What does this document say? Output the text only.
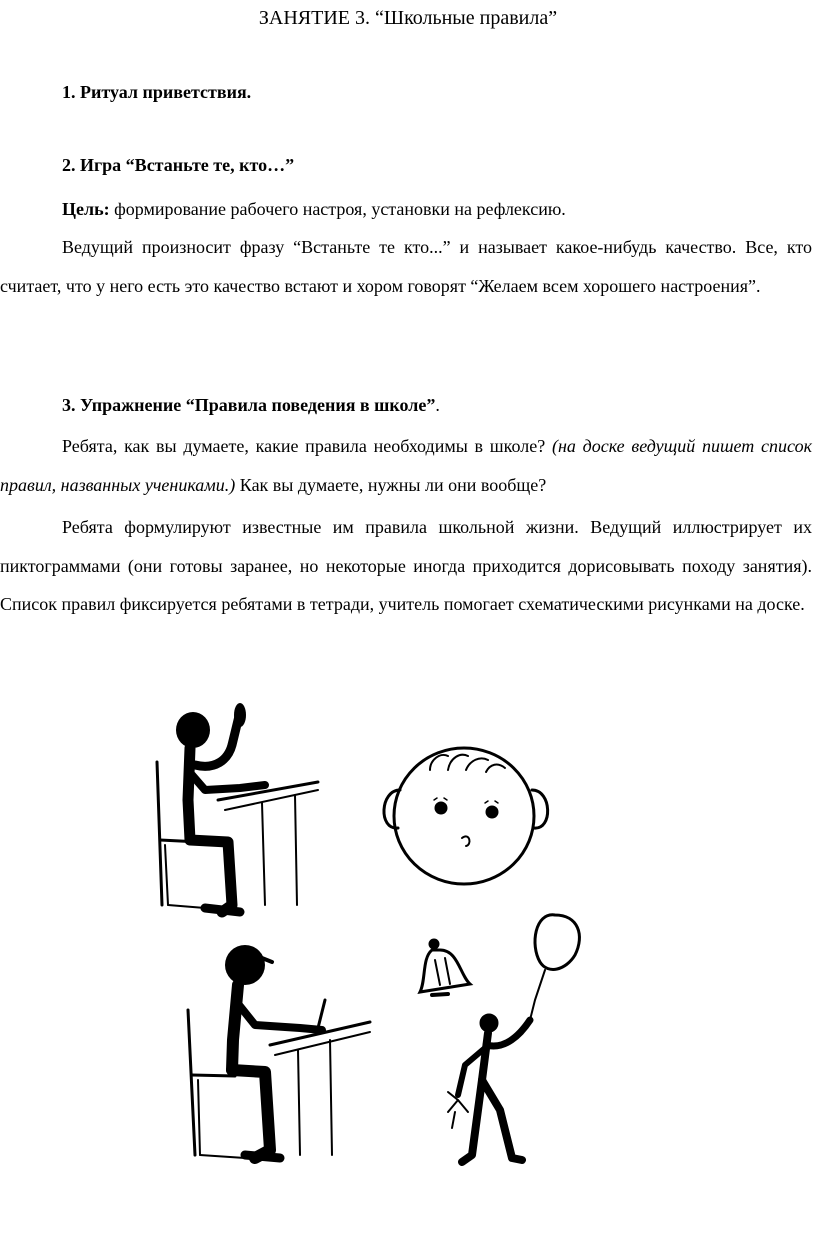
ЗАНЯТИЕ 3. “Школьные правила”

1. Ритуал приветствия.

2. Игра “Встаньте те, кто…”

Цель: формирование рабочего настроя, установки на рефлексию.

Ведущий произносит фразу “Встаньте те кто...” и называет какое-нибудь качество. Все, кто считает, что у него есть это качество встают и хором говорят “Желаем всем хорошего настроения”.

3. Упражнение “Правила поведения в школе”.

Ребята, как вы думаете, какие правила необходимы в школе? (на доске ведущий пишет список правил, названных учениками.) Как вы думаете, нужны ли они вообще?

Ребята формулируют известные им правила школьной жизни. Ведущий иллюстрирует их пиктограммами (они готовы заранее, но некоторые иногда приходится дорисовывать походу занятия). Список правил фиксируется ребятами в тетради, учитель помогает схематическими рисунками на доске.
